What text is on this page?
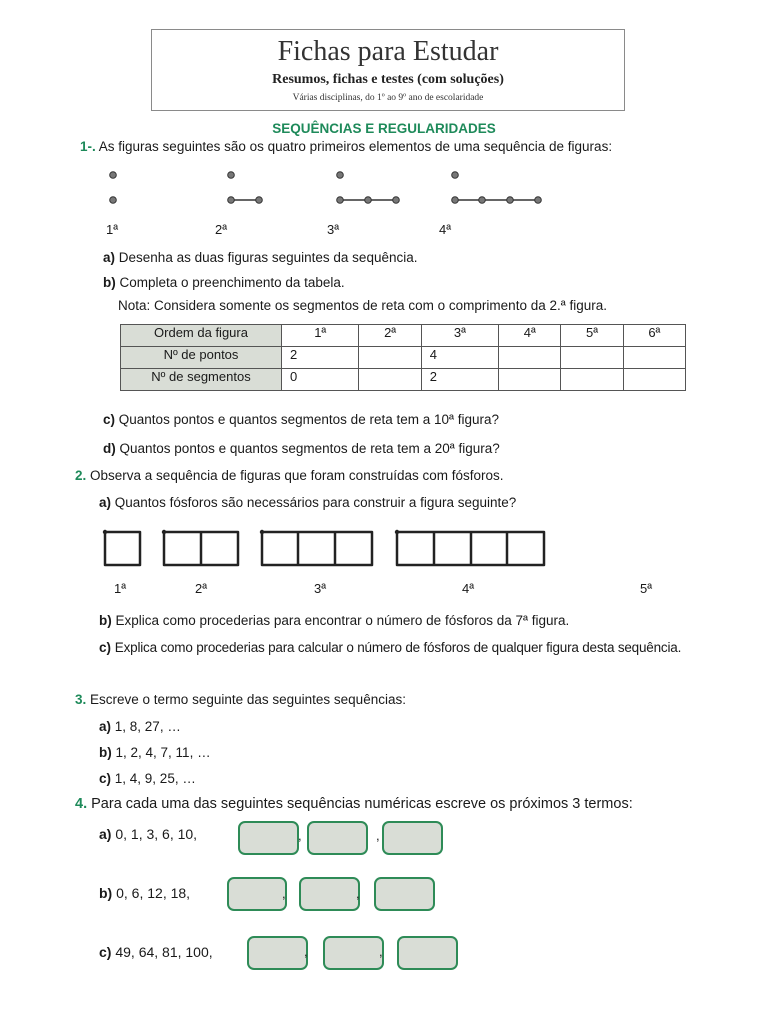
Fichas para Estudar
Resumos, fichas e testes (com soluções)
Várias disciplinas, do 1º ao 9º ano de escolaridade
SEQUÊNCIAS E REGULARIDADES
1-. As figuras seguintes são os quatro primeiros elementos de uma sequência de figuras:
1ª	2ª	3ª	4ª
a) Desenha as duas figuras seguintes da sequência.
b) Completa o preenchimento da tabela.
Nota: Considera somente os segmentos de reta com o comprimento da 2.ª figura.
Ordem da figura	1ª	2ª	3ª	4ª	5ª	6ª
Nº de pontos	2		4			
Nº de segmentos	0		2			
c) Quantos pontos e quantos segmentos de reta tem a 10ª figura?
d) Quantos pontos e quantos segmentos de reta tem a 20ª figura?
2. Observa a sequência de figuras que foram construídas com fósforos.
a) Quantos fósforos são necessários para construir a figura seguinte?
1ª	2ª	3ª	4ª	5ª
b) Explica como procederias para encontrar o número de fósforos da 7ª figura.
c) Explica como procederias para calcular o número de fósforos de qualquer figura desta sequência.
3. Escreve o termo seguinte das seguintes sequências:
a) 1, 8, 27, …
b) 1, 2, 4, 7, 11, …
c) 1, 4, 9, 25, …
4. Para cada uma das seguintes sequências numéricas escreve os próximos 3 termos:
a) 0, 1, 3, 6, 10,	,	,
b) 0, 6, 12, 18,	,	,
c) 49, 64, 81, 100,	,	,
